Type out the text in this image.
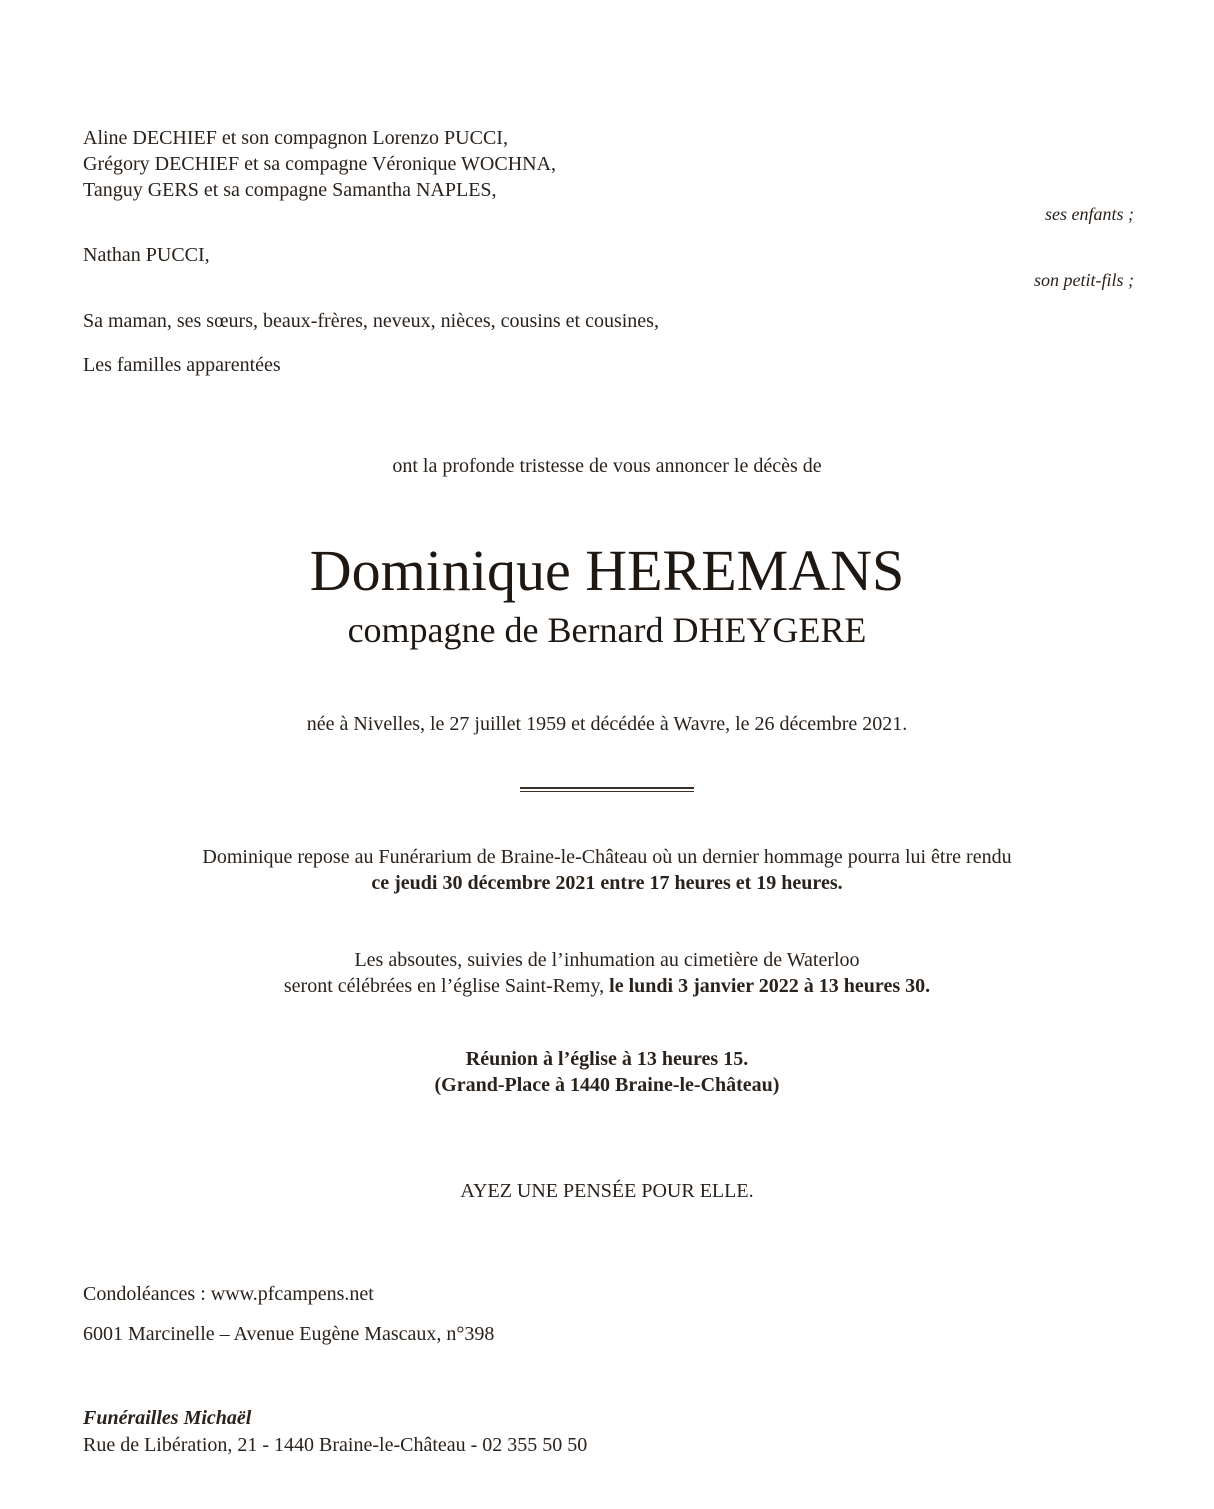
Aline DECHIEF et son compagnon Lorenzo PUCCI,
Grégory DECHIEF et sa compagne Véronique WOCHNA,
Tanguy GERS et sa compagne Samantha NAPLES,
ses enfants ;
Nathan PUCCI,
son petit-fils ;
Sa maman, ses sœurs, beaux-frères, neveux, nièces, cousins et cousines,
Les familles apparentées
ont la profonde tristesse de vous annoncer le décès de
Dominique HEREMANS
compagne de Bernard DHEYGERE
née à Nivelles, le 27 juillet 1959 et décédée à Wavre, le 26 décembre 2021.
Dominique repose au Funérarium de Braine-le-Château où un dernier hommage pourra lui être rendu
ce jeudi 30 décembre 2021 entre 17 heures et 19 heures.
Les absoutes, suivies de l’inhumation au cimetière de Waterloo
seront célébrées en l’église Saint-Remy, le lundi 3 janvier 2022 à 13 heures 30.
Réunion à l’église à 13 heures 15.
(Grand-Place à 1440 Braine-le-Château)
AYEZ UNE PENSÉE POUR ELLE.
Condoléances : www.pfcampens.net
6001 Marcinelle – Avenue Eugène Mascaux, n°398
Funérailles Michaël
Rue de Libération, 21 - 1440 Braine-le-Château - 02 355 50 50
